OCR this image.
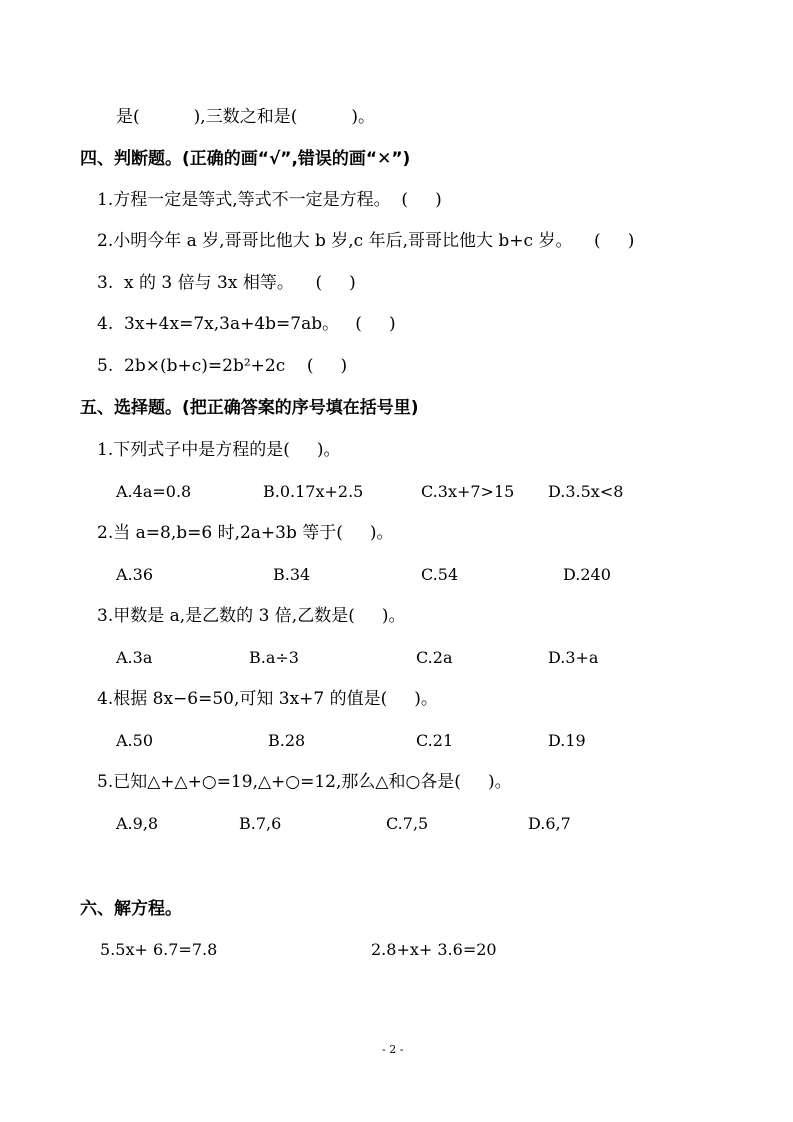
是(          ),三数之和是(          )。
四、判断题。(正确的画“√”,错误的画“✕”)
1.方程一定是等式,等式不一定是方程。  (     )
2.小明今年 a 岁,哥哥比他大 b 岁,c 年后,哥哥比他大 b+c 岁。    (     )
3.  x 的 3 倍与 3x 相等。    (     )
4.  3x+4x=7x,3a+4b=7ab。   (     )
5.  2b×(b+c)=2b²+2c    (     )
五、选择题。(把正确答案的序号填在括号里)
1.下列式子中是方程的是(     )。
A.4a=0.8	B.0.17x+2.5	C.3x+7>15 D.3.5x<8
2.当 a=8,b=6 时,2a+3b 等于(     )。
A.36	B.34	C.54	D.240
3.甲数是 a,是乙数的 3 倍,乙数是(     )。
A.3a	B.a÷3	C.2a	D.3+a
4.根据 8x−6=50,可知 3x+7 的值是(     )。
A.50	B.28	C.21	D.19
5.已知△+△+○=19,△+○=12,那么△和○各是(     )。
A.9,8	B.7,6	C.7,5	D.6,7
六、解方程。
5.5x+ 6.7=7.8	2.8+x+ 3.6=20
- 2 -
